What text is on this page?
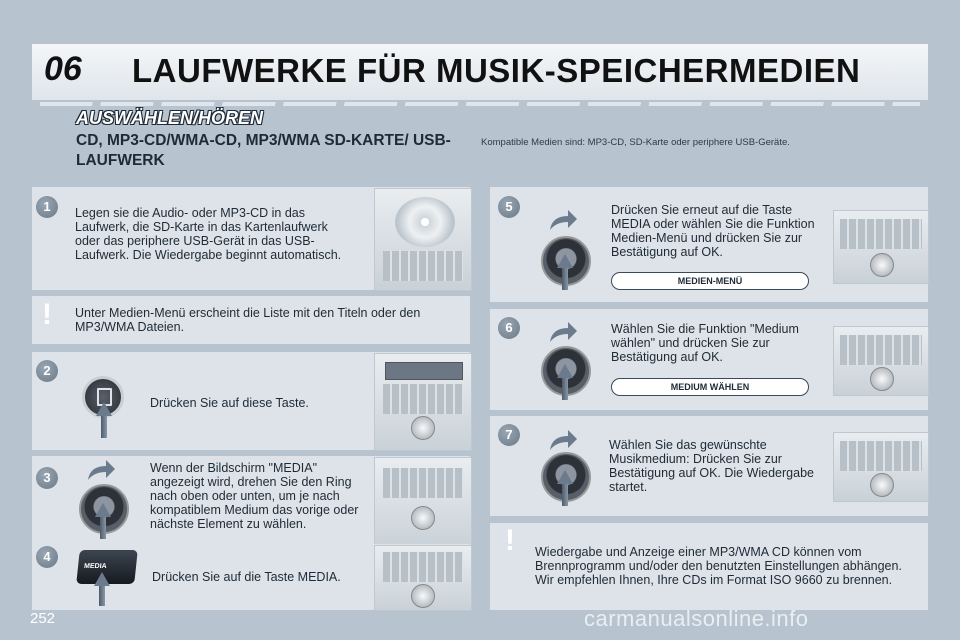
06 LAUFWERKE FÜR MUSIK-SPEICHERMEDIEN
AUSWÄHLEN/HÖREN
CD, MP3-CD/WMA-CD, MP3/WMA SD-KARTE/ USB-LAUFWERK
Kompatible Medien sind: MP3-CD, SD-Karte oder periphere USB-Geräte.
1	Legen sie die Audio- oder MP3-CD in das Laufwerk, die SD-Karte in das Kartenlaufwerk oder das periphere USB-Gerät in das USB-Laufwerk. Die Wiedergabe beginnt automatisch.
!	Unter Medien-Menü erscheint die Liste mit den Titeln oder den MP3/WMA Dateien.
2
Drücken Sie auf diese Taste.
3
Wenn der Bildschirm "MEDIA" angezeigt wird, drehen Sie den Ring nach oben oder unten, um je nach kompatiblem Medium das vorige oder nächste Element zu wählen.
4
MEDIA
Drücken Sie auf die Taste MEDIA.
5	Drücken Sie erneut auf die Taste MEDIA oder wählen Sie die Funktion Medien-Menü und drücken Sie zur Bestätigung auf OK.
MEDIEN-MENÜ
6	Wählen Sie die Funktion "Medium wählen" und drücken Sie zur Bestätigung auf OK.
MEDIUM WÄHLEN
7
Wählen Sie das gewünschte Musikmedium: Drücken Sie zur Bestätigung auf OK. Die Wiedergabe startet.
!	Wiedergabe und Anzeige einer MP3/WMA CD können vom Brennprogramm und/oder den benutzten Einstellungen abhängen. Wir empfehlen Ihnen, Ihre CDs im Format ISO 9660 zu brennen.
252	carmanualsonline.info
